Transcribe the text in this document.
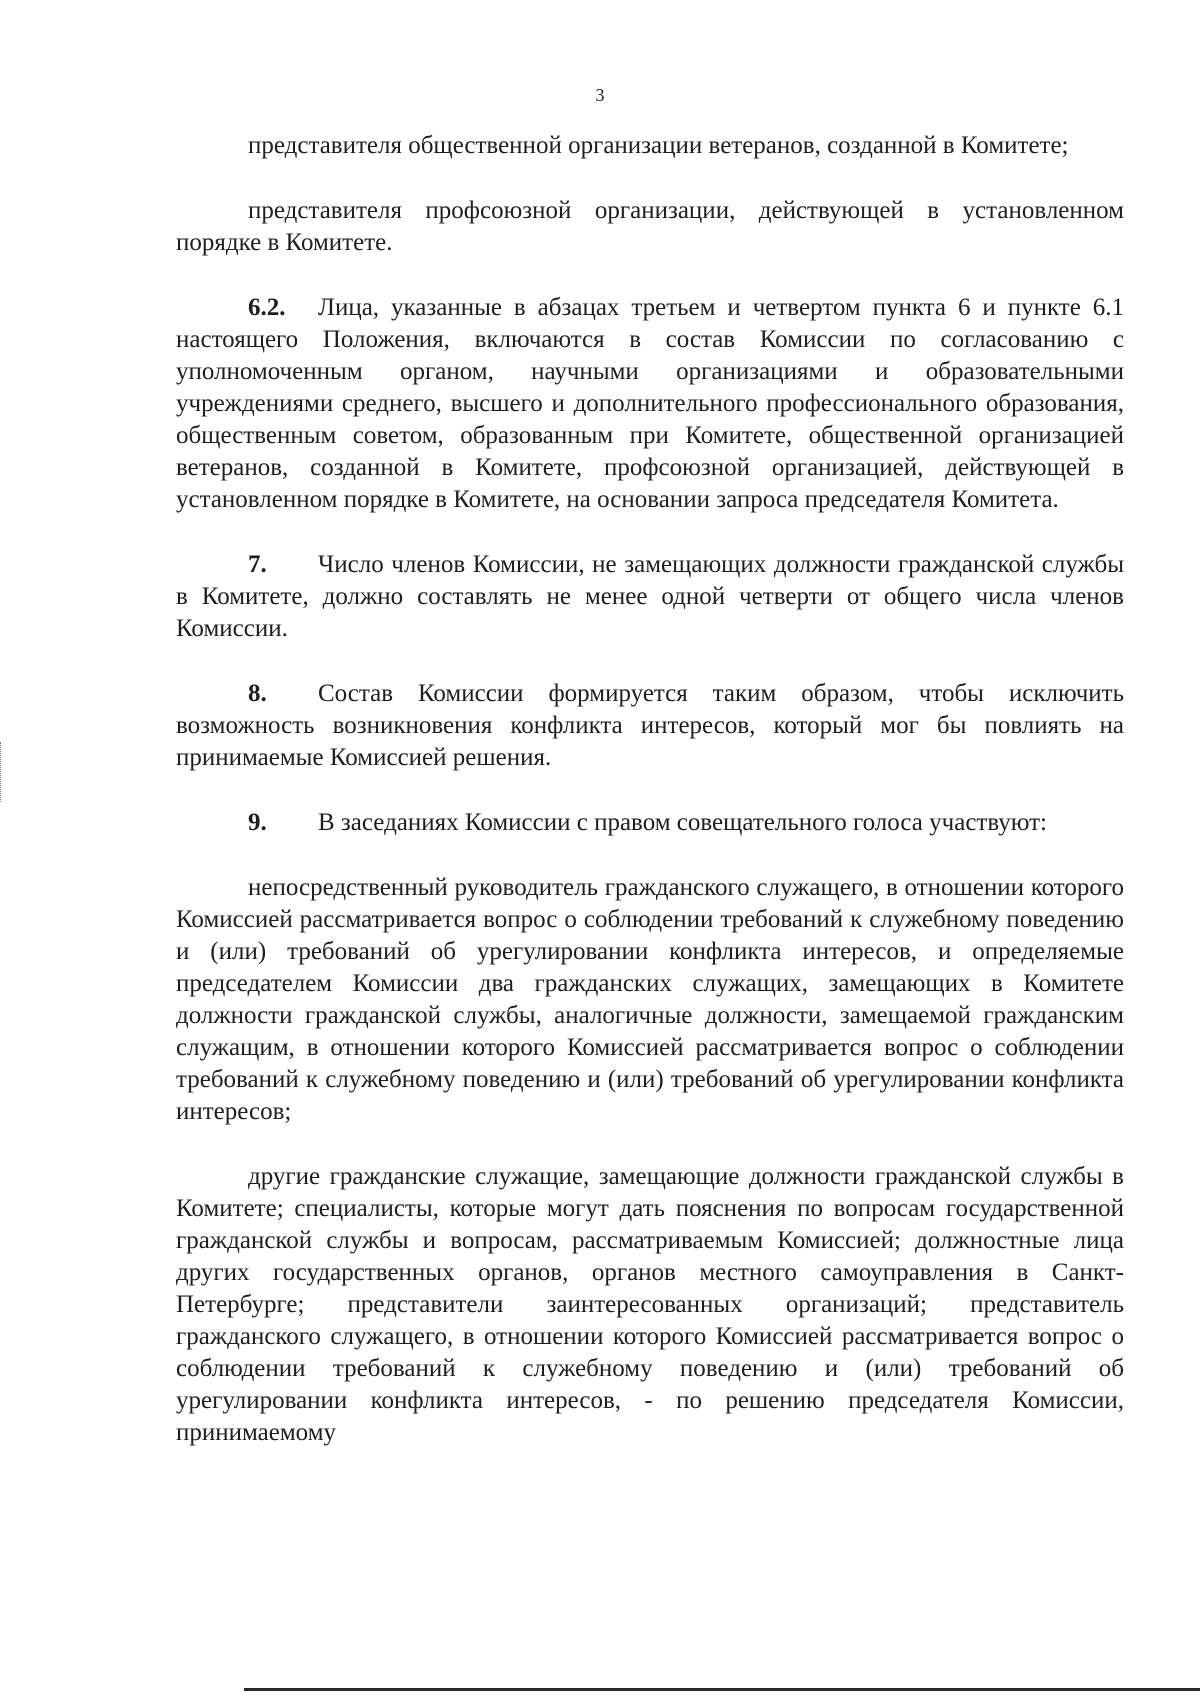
3

представителя общественной организации ветеранов, созданной в Комитете;

представителя профсоюзной организации, действующей в установленном порядке в Комитете.

6.2. Лица, указанные в абзацах третьем и четвертом пункта 6 и пункте 6.1 настоящего Положения, включаются в состав Комиссии по согласованию с уполномоченным органом, научными организациями и образовательными учреждениями среднего, высшего и дополнительного профессионального образования, общественным советом, образованным при Комитете, общественной организацией ветеранов, созданной в Комитете, профсоюзной организацией, действующей в установленном порядке в Комитете, на основании запроса председателя Комитета.

7. Число членов Комиссии, не замещающих должности гражданской службы в Комитете, должно составлять не менее одной четверти от общего числа членов Комиссии.

8. Состав Комиссии формируется таким образом, чтобы исключить возможность возникновения конфликта интересов, который мог бы повлиять на принимаемые Комиссией решения.

9. В заседаниях Комиссии с правом совещательного голоса участвуют:

непосредственный руководитель гражданского служащего, в отношении которого Комиссией рассматривается вопрос о соблюдении требований к служебному поведению и (или) требований об урегулировании конфликта интересов, и определяемые председателем Комиссии два гражданских служащих, замещающих в Комитете должности гражданской службы, аналогичные должности, замещаемой гражданским служащим, в отношении которого Комиссией рассматривается вопрос о соблюдении требований к служебному поведению и (или) требований об урегулировании конфликта интересов;

другие гражданские служащие, замещающие должности гражданской службы в Комитете; специалисты, которые могут дать пояснения по вопросам государственной гражданской службы и вопросам, рассматриваемым Комиссией; должностные лица других государственных органов, органов местного самоуправления в Санкт-Петербурге; представители заинтересованных организаций; представитель гражданского служащего, в отношении которого Комиссией рассматривается вопрос о соблюдении требований к служебному поведению и (или) требований об урегулировании конфликта интересов, - по решению председателя Комиссии, принимаемому
